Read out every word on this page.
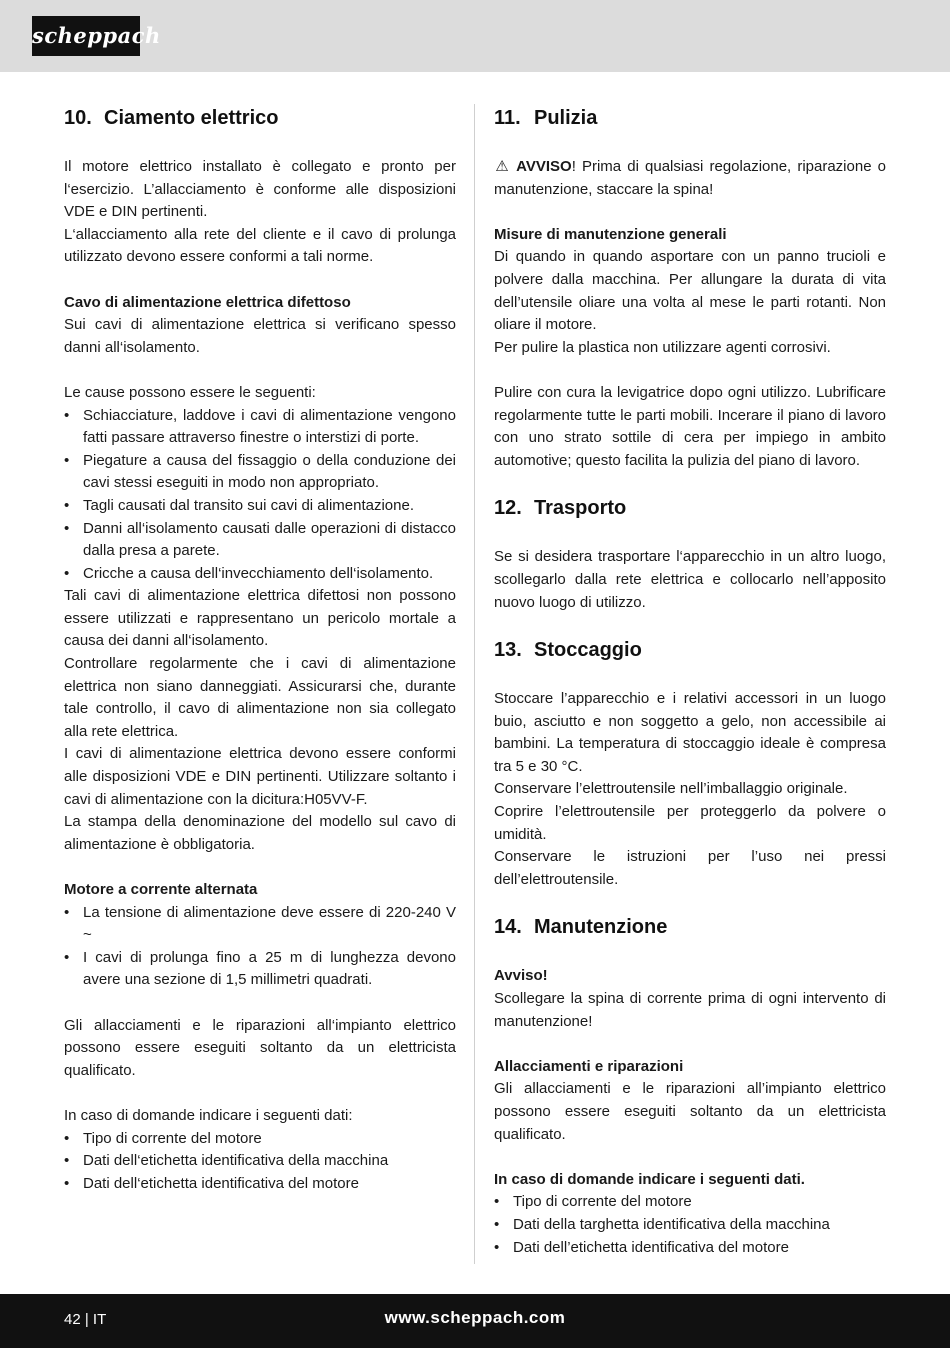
scheppach
10. Ciamento elettrico

Il motore elettrico installato è collegato e pronto per l‘esercizio. L’allacciamento è conforme alle disposizioni VDE e DIN pertinenti.

L‘allacciamento alla rete del cliente e il cavo di prolunga utilizzato devono essere conformi a tali norme.

Cavo di alimentazione elettrica difettoso

Sui cavi di alimentazione elettrica si verificano spesso danni all‘isolamento.

Le cause possono essere le seguenti:

• Schiacciature, laddove i cavi di alimentazione vengono fatti passare attraverso finestre o interstizi di porte.
• Piegature a causa del fissaggio o della conduzione dei cavi stessi eseguiti in modo non appropriato.
• Tagli causati dal transito sui cavi di alimentazione.
• Danni all‘isolamento causati dalle operazioni di distacco dalla presa a parete.
• Cricche a causa dell‘invecchiamento dell‘isolamento.

Tali cavi di alimentazione elettrica difettosi non possono essere utilizzati e rappresentano un pericolo mortale a causa dei danni all‘isolamento.

Controllare regolarmente che i cavi di alimentazione elettrica non siano danneggiati. Assicurarsi che, durante tale controllo, il cavo di alimentazione non sia collegato alla rete elettrica.

I cavi di alimentazione elettrica devono essere conformi alle disposizioni VDE e DIN pertinenti. Utilizzare soltanto i cavi di alimentazione con la dicitura:H05VV-F.

La stampa della denominazione del modello sul cavo di alimentazione è obbligatoria.

Motore a corrente alternata

• La tensione di alimentazione deve essere di 220-240 V ~
• I cavi di prolunga fino a 25 m di lunghezza devono avere una sezione di 1,5 millimetri quadrati.

Gli allacciamenti e le riparazioni all‘impianto elettrico possono essere eseguiti soltanto da un elettricista qualificato.

In caso di domande indicare i seguenti dati:

• Tipo di corrente del motore
• Dati dell‘etichetta identificativa della macchina
• Dati dell‘etichetta identificativa del motore
11. Pulizia

⚠ AVVISO! Prima di qualsiasi regolazione, riparazione o manutenzione, staccare la spina!

Misure di manutenzione generali

Di quando in quando asportare con un panno trucioli e polvere dalla macchina. Per allungare la durata di vita dell’utensile oliare una volta al mese le parti rotanti. Non oliare il motore.

Per pulire la plastica non utilizzare agenti corrosivi.

Pulire con cura la levigatrice dopo ogni utilizzo. Lubrificare regolarmente tutte le parti mobili. Incerare il piano di lavoro con uno strato sottile di cera per impiego in ambito automotive; questo facilita la pulizia del piano di lavoro.

12. Trasporto

Se si desidera trasportare l‘apparecchio in un altro luogo, scollegarlo dalla rete elettrica e collocarlo nell’apposito nuovo luogo di utilizzo.

13. Stoccaggio

Stoccare l’apparecchio e i relativi accessori in un luogo buio, asciutto e non soggetto a gelo, non accessibile ai bambini. La temperatura di stoccaggio ideale è compresa tra 5 e 30 °C.

Conservare l’elettroutensile nell’imballaggio originale.

Coprire l’elettroutensile per proteggerlo da polvere o umidità.

Conservare le istruzioni per l’uso nei pressi dell’elettroutensile.

14. Manutenzione

Avviso!

Scollegare la spina di corrente prima di ogni intervento di manutenzione!

Allacciamenti e riparazioni

Gli allacciamenti e le riparazioni all’impianto elettrico possono essere eseguiti soltanto da un elettricista qualificato.

In caso di domande indicare i seguenti dati.

• Tipo di corrente del motore
• Dati della targhetta identificativa della macchina
• Dati dell’etichetta identificativa del motore
42 | IT	www.scheppach.com
